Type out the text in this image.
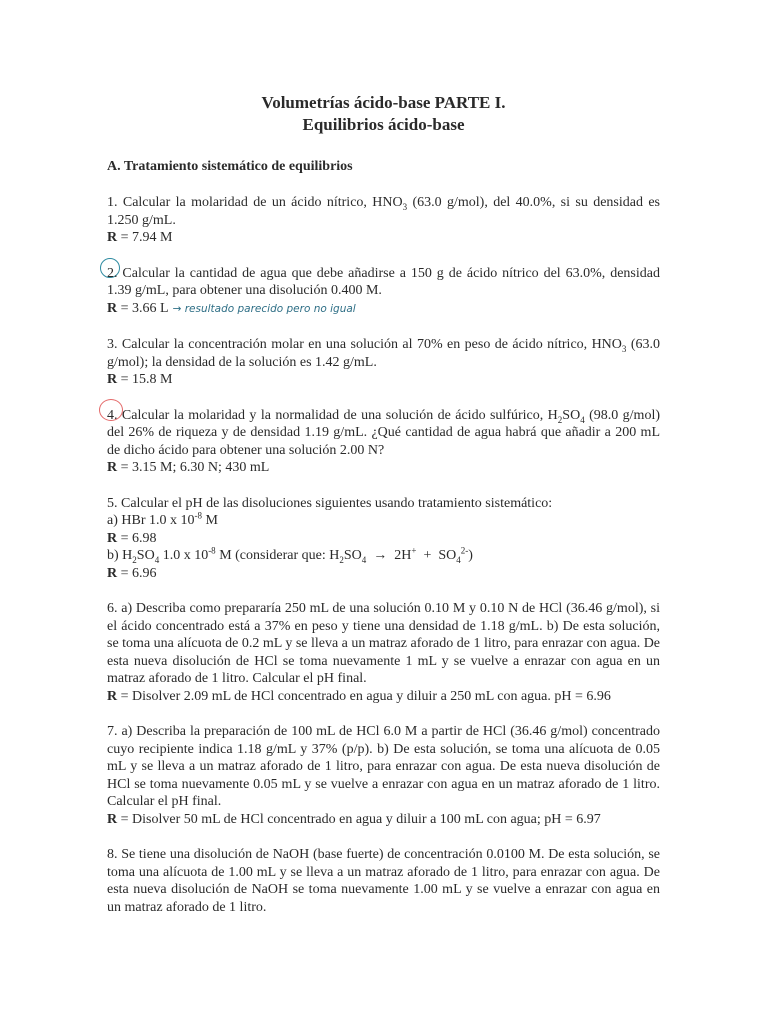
Volumetrías ácido-base PARTE I.

Equilibrios ácido-base

A. Tratamiento sistemático de equilibrios

1. Calcular la molaridad de un ácido nítrico, $HNO_3$ (63.0 g/mol), del 40.0%, si su densidad es 1.250 g/mL.

R = 7.94 M

2. Calcular la cantidad de agua que debe añadirse a 150 g de ácido nítrico del 63.0%, densidad 1.39 g/mL, para obtener una disolución 0.400 M.

R = 3.66 L → resultado parecido pero no igual

3. Calcular la concentración molar en una solución al 70% en peso de ácido nítrico, $HNO_3$ (63.0 g/mol); la densidad de la solución es 1.42 g/mL.

R = 15.8 M

4. Calcular la molaridad y la normalidad de una solución de ácido sulfúrico, $H_2SO_4$ (98.0 g/mol) del 26% de riqueza y de densidad 1.19 g/mL. ¿Qué cantidad de agua habrá que añadir a 200 mL de dicho ácido para obtener una solución 2.00 N?

R = 3.15 M; 6.30 N; 430 mL

5. Calcular el pH de las disoluciones siguientes usando tratamiento sistemático:

a) HBr 1.0 x $10^{-8}$ M

R = 6.98

b) $H_2SO_4$ 1.0 x $10^{-8}$ M (considerar que: $H_2SO_4 \to 2H^+ + SO_4^{2-}$)

R = 6.96

6. a) Describa como prepararía 250 mL de una solución 0.10 M y 0.10 N de HCl (36.46 g/mol), si el ácido concentrado está a 37% en peso y tiene una densidad de 1.18 g/mL. b) De esta solución, se toma una alícuota de 0.2 mL y se lleva a un matraz aforado de 1 litro, para enrazar con agua. De esta nueva disolución de HCl se toma nuevamente 1 mL y se vuelve a enrazar con agua en un matraz aforado de 1 litro. Calcular el pH final.

R = Disolver 2.09 mL de HCl concentrado en agua y diluir a 250 mL con agua. pH = 6.96

7. a) Describa la preparación de 100 mL de HCl 6.0 M a partir de HCl (36.46 g/mol) concentrado cuyo recipiente indica 1.18 g/mL y 37% (p/p). b) De esta solución, se toma una alícuota de 0.05 mL y se lleva a un matraz aforado de 1 litro, para enrazar con agua. De esta nueva disolución de HCl se toma nuevamente 0.05 mL y se vuelve a enrazar con agua en un matraz aforado de 1 litro. Calcular el pH final.

R = Disolver 50 mL de HCl concentrado en agua y diluir a 100 mL con agua; pH = 6.97

8. Se tiene una disolución de NaOH (base fuerte) de concentración 0.0100 M. De esta solución, se toma una alícuota de 1.00 mL y se lleva a un matraz aforado de 1 litro, para enrazar con agua. De esta nueva disolución de NaOH se toma nuevamente 1.00 mL y se vuelve a enrazar con agua en un matraz aforado de 1 litro.
